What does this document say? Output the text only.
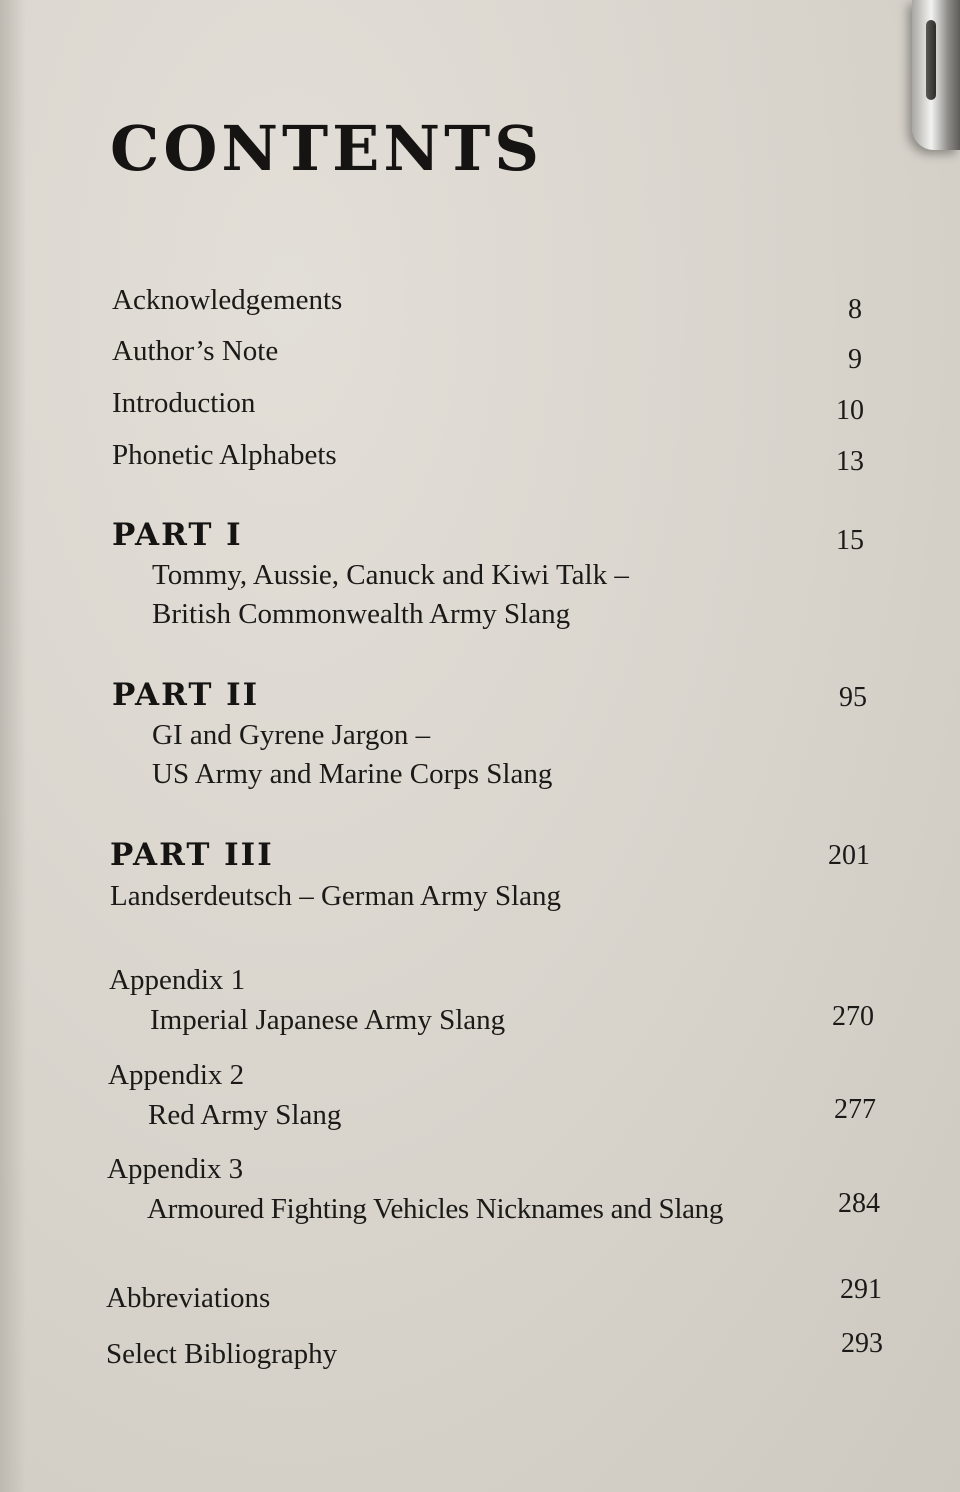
CONTENTS
Acknowledgements	8
Author’s Note	9
Introduction	10
Phonetic Alphabets	13
PART I	15
Tommy, Aussie, Canuck and Kiwi Talk –
British Commonwealth Army Slang
PART II	95
GI and Gyrene Jargon –
US Army and Marine Corps Slang
PART III	201
Landserdeutsch – German Army Slang
Appendix 1
Imperial Japanese Army Slang	270
Appendix 2
Red Army Slang	277
Appendix 3
Armoured Fighting Vehicles Nicknames and Slang	284
Abbreviations	291
Select Bibliography	293
